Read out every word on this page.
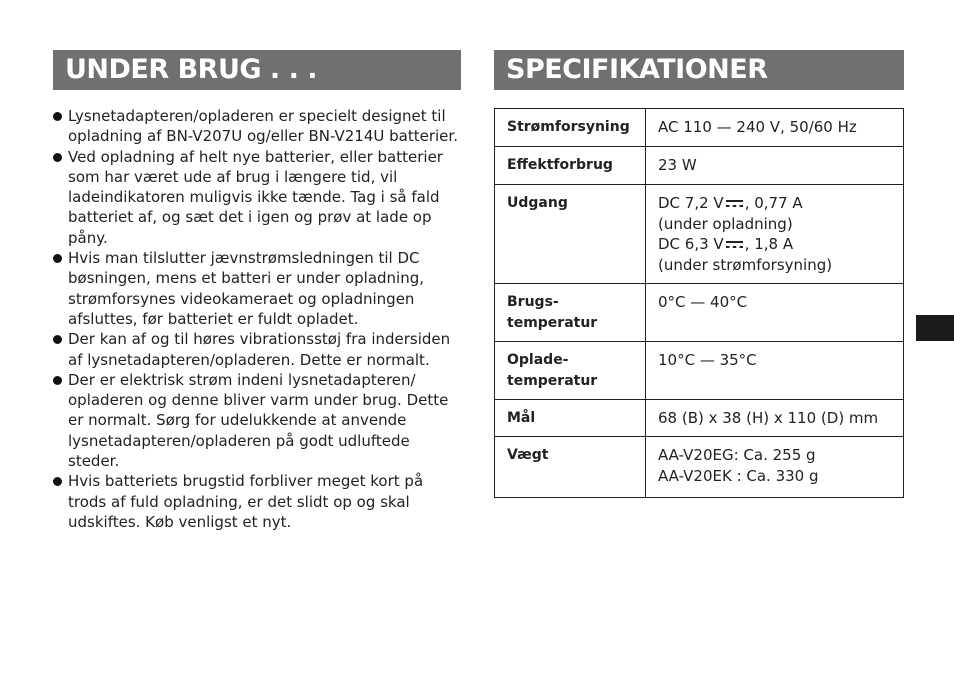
UNDER BRUG . . .
Lysnetadapteren/opladeren er specielt designet til opladning af BN-V207U og/eller BN-V214U batterier.
Ved opladning af helt nye batterier, eller batterier som har været ude af brug i længere tid, vil ladeindikatoren muligvis ikke tænde. Tag i så fald batteriet af, og sæt det i igen og prøv at lade op påny.
Hvis man tilslutter jævnstrømsledningen til DC bøsningen, mens et batteri er under opladning, strømforsynes videokameraet og opladningen afsluttes, før batteriet er fuldt opladet.
Der kan af og til høres vibrationsstøj fra indersiden af lysnetadapteren/opladeren. Dette er normalt.
Der er elektrisk strøm indeni lysnetadapteren/ opladeren og denne bliver varm under brug. Dette er normalt. Sørg for udelukkende at anvende lysnetadapteren/opladeren på godt udluftede steder.
Hvis batteriets brugstid forbliver meget kort på trods af fuld opladning, er det slidt op og skal udskiftes. Køb venligst et nyt.
SPECIFIKATIONER
Strømforsyning	AC 110 — 240 V, 50/60 Hz
Effektforbrug	23 W
Udgang	DC 7,2 V , 0,77 A
(under opladning)
DC 6,3 V , 1,8 A
(under strømforsyning)

Brugs-
temperatur	0°C — 40°C

Oplade-
temperatur	10°C — 35°C
Mål	68 (B) x 38 (H) x 110 (D) mm
Vægt	AA-V20EG: Ca. 255 g
AA-V20EK : Ca. 330 g
